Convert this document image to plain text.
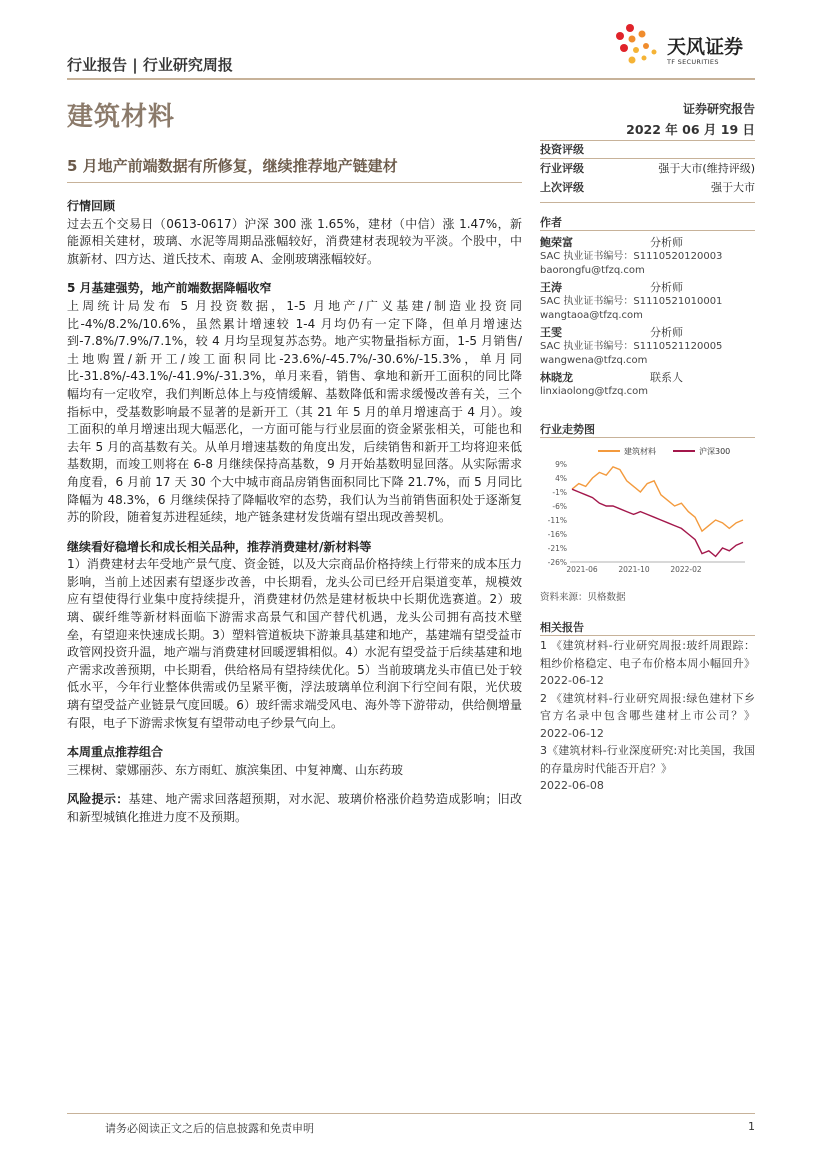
天风证券
TF SECURITIES
行业报告 | 行业研究周报
建筑材料	证券研究报告
2022 年 06 月 19 日
5 月地产前端数据有所修复，继续推荐地产链建材
行情回顾

过去五个交易日（0613-0617）沪深 300 涨 1.65%，建材（中信）涨 1.47%，新能源相关建材，玻璃、水泥等周期品涨幅较好，消费建材表现较为平淡。个股中，中旗新材、四方达、道氏技术、南玻 A、金刚玻璃涨幅较好。

5 月基建强势，地产前端数据降幅收窄

上周统计局发布 5 月投资数据，1-5 月地产/广义基建/制造业投资同比-4%/8.2%/10.6%，虽然累计增速较 1-4 月均仍有一定下降，但单月增速达到-7.8%/7.9%/7.1%，较 4 月均呈现复苏态势。地产实物量指标方面，1-5 月销售/土地购置/新开工/竣工面积同比-23.6%/-45.7%/-30.6%/-15.3%，单月同比-31.8%/-43.1%/-41.9%/-31.3%，单月来看，销售、拿地和新开工面积的同比降幅均有一定收窄，我们判断总体上与疫情缓解、基数降低和需求缓慢改善有关，三个指标中，受基数影响最不显著的是新开工（其 21 年 5 月的单月增速高于 4 月）。竣工面积的单月增速出现大幅恶化，一方面可能与行业层面的资金紧张相关，可能也和去年 5 月的高基数有关。从单月增速基数的角度出发，后续销售和新开工均将迎来低基数期，而竣工则将在 6-8 月继续保持高基数，9 月开始基数明显回落。从实际需求角度看，6 月前 17 天 30 个大中城市商品房销售面积同比下降 21.7%，而 5 月同比降幅为 48.3%，6 月继续保持了降幅收窄的态势，我们认为当前销售面积处于逐渐复苏的阶段，随着复苏进程延续，地产链条建材发货端有望出现改善契机。

继续看好稳增长和成长相关品种，推荐消费建材/新材料等

1）消费建材去年受地产景气度、资金链，以及大宗商品价格持续上行带来的成本压力影响，当前上述因素有望逐步改善，中长期看，龙头公司已经开启渠道变革，规模效应有望使得行业集中度持续提升，消费建材仍然是建材板块中长期优选赛道。2）玻璃、碳纤维等新材料面临下游需求高景气和国产替代机遇，龙头公司拥有高技术壁垒，有望迎来快速成长期。3）塑料管道板块下游兼具基建和地产，基建端有望受益市政管网投资升温，地产端与消费建材回暖逻辑相似。4）水泥有望受益于后续基建和地产需求改善预期，中长期看，供给格局有望持续优化。5）当前玻璃龙头市值已处于较低水平，今年行业整体供需或仍呈紧平衡，浮法玻璃单位利润下行空间有限，光伏玻璃有望受益产业链景气度回暖。6）玻纤需求端受风电、海外等下游带动，供给侧增量有限，电子下游需求恢复有望带动电子纱景气向上。

本周重点推荐组合

三棵树、蒙娜丽莎、东方雨虹、旗滨集团、中复神鹰、山东药玻

风险提示：基建、地产需求回落超预期，对水泥、玻璃价格涨价趋势造成影响；旧改和新型城镇化推进力度不及预期。

投资评级
行业评级	强于大市(维持评级)
上次评级	强于大市
作者
鲍荣富	分析师
SAC 执业证书编号：S1110520120003
baorongfu@tfzq.com
王涛	分析师
SAC 执业证书编号：S1110521010001
wangtaoa@tfzq.com
王雯	分析师
SAC 执业证书编号：S1110521120005
wangwena@tfzq.com
林晓龙	联系人
linxiaolong@tfzq.com
行业走势图
9%
4%
-1%
-6%
-11%
-16%
-21%
-26%
2021-06	2021-10	2022-02
建筑材料	沪深300
资料来源：贝格数据
相关报告
1 《建筑材料-行业研究周报:玻纤周跟踪：粗纱价格稳定、电子布价格本周小幅回升》 2022-06-12
2 《建筑材料-行业研究周报:绿色建材下乡官方名录中包含哪些建材上市公司？》 2022-06-12
3《建筑材料-行业深度研究:对比美国，我国的存量房时代能否开启？》
2022-06-08
请务必阅读正文之后的信息披露和免责申明	1
